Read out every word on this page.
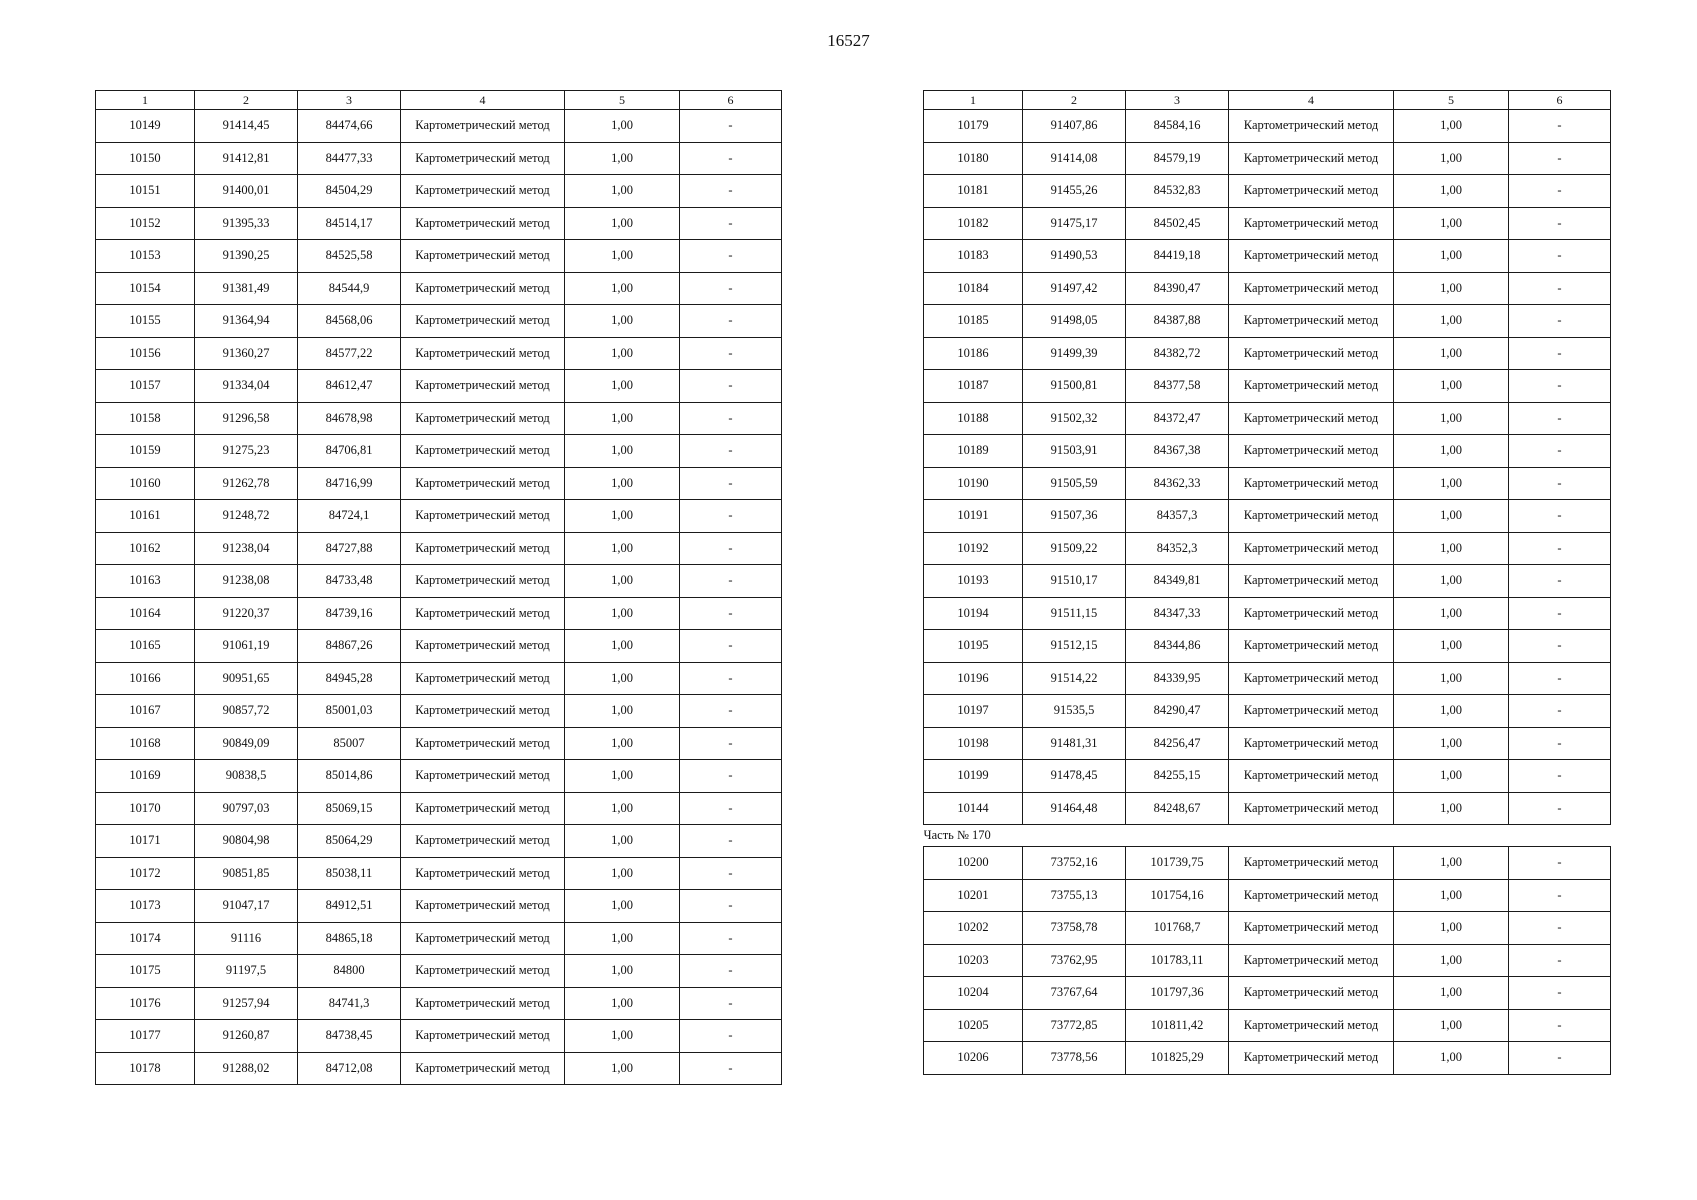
16527
1	2	3	4	5	6
10149	91414,45	84474,66	Картометрический метод	1,00	-
10150	91412,81	84477,33	Картометрический метод	1,00	-
10151	91400,01	84504,29	Картометрический метод	1,00	-
10152	91395,33	84514,17	Картометрический метод	1,00	-
10153	91390,25	84525,58	Картометрический метод	1,00	-
10154	91381,49	84544,9	Картометрический метод	1,00	-
10155	91364,94	84568,06	Картометрический метод	1,00	-
10156	91360,27	84577,22	Картометрический метод	1,00	-
10157	91334,04	84612,47	Картометрический метод	1,00	-
10158	91296,58	84678,98	Картометрический метод	1,00	-
10159	91275,23	84706,81	Картометрический метод	1,00	-
10160	91262,78	84716,99	Картометрический метод	1,00	-
10161	91248,72	84724,1	Картометрический метод	1,00	-
10162	91238,04	84727,88	Картометрический метод	1,00	-
10163	91238,08	84733,48	Картометрический метод	1,00	-
10164	91220,37	84739,16	Картометрический метод	1,00	-
10165	91061,19	84867,26	Картометрический метод	1,00	-
10166	90951,65	84945,28	Картометрический метод	1,00	-
10167	90857,72	85001,03	Картометрический метод	1,00	-
10168	90849,09	85007	Картометрический метод	1,00	-
10169	90838,5	85014,86	Картометрический метод	1,00	-
10170	90797,03	85069,15	Картометрический метод	1,00	-
10171	90804,98	85064,29	Картометрический метод	1,00	-
10172	90851,85	85038,11	Картометрический метод	1,00	-
10173	91047,17	84912,51	Картометрический метод	1,00	-
10174	91116	84865,18	Картометрический метод	1,00	-
10175	91197,5	84800	Картометрический метод	1,00	-
10176	91257,94	84741,3	Картометрический метод	1,00	-
10177	91260,87	84738,45	Картометрический метод	1,00	-
10178	91288,02	84712,08	Картометрический метод	1,00	-
1	2	3	4	5	6
10179	91407,86	84584,16	Картометрический метод	1,00	-
10180	91414,08	84579,19	Картометрический метод	1,00	-
10181	91455,26	84532,83	Картометрический метод	1,00	-
10182	91475,17	84502,45	Картометрический метод	1,00	-
10183	91490,53	84419,18	Картометрический метод	1,00	-
10184	91497,42	84390,47	Картометрический метод	1,00	-
10185	91498,05	84387,88	Картометрический метод	1,00	-
10186	91499,39	84382,72	Картометрический метод	1,00	-
10187	91500,81	84377,58	Картометрический метод	1,00	-
10188	91502,32	84372,47	Картометрический метод	1,00	-
10189	91503,91	84367,38	Картометрический метод	1,00	-
10190	91505,59	84362,33	Картометрический метод	1,00	-
10191	91507,36	84357,3	Картометрический метод	1,00	-
10192	91509,22	84352,3	Картометрический метод	1,00	-
10193	91510,17	84349,81	Картометрический метод	1,00	-
10194	91511,15	84347,33	Картометрический метод	1,00	-
10195	91512,15	84344,86	Картометрический метод	1,00	-
10196	91514,22	84339,95	Картометрический метод	1,00	-
10197	91535,5	84290,47	Картометрический метод	1,00	-
10198	91481,31	84256,47	Картометрический метод	1,00	-
10199	91478,45	84255,15	Картометрический метод	1,00	-
10144	91464,48	84248,67	Картометрический метод	1,00	-
Часть № 170					
10200	73752,16	101739,75	Картометрический метод	1,00	-
10201	73755,13	101754,16	Картометрический метод	1,00	-
10202	73758,78	101768,7	Картометрический метод	1,00	-
10203	73762,95	101783,11	Картометрический метод	1,00	-
10204	73767,64	101797,36	Картометрический метод	1,00	-
10205	73772,85	101811,42	Картометрический метод	1,00	-
10206	73778,56	101825,29	Картометрический метод	1,00	-
